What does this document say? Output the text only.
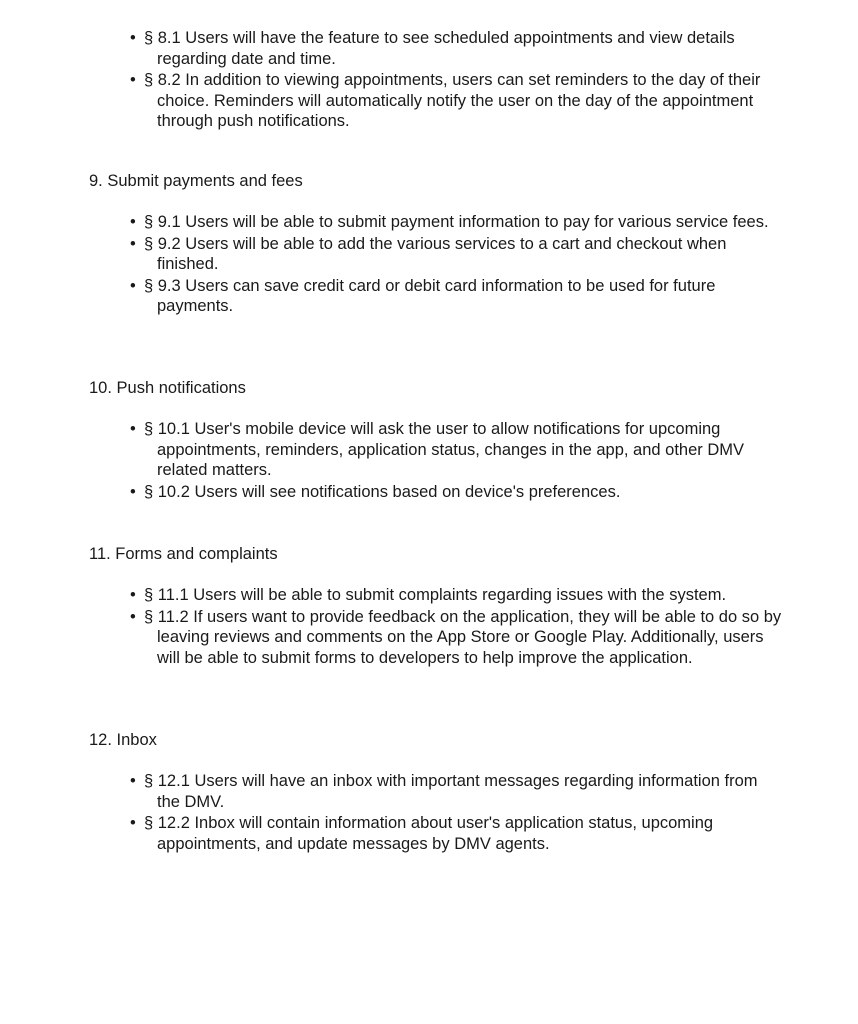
• § 8.1 Users will have the feature to see scheduled appointments and view details regarding date and time.
• § 8.2 In addition to viewing appointments, users can set reminders to the day of their choice. Reminders will automatically notify the user on the day of the appointment through push notifications.
9. Submit payments and fees
• § 9.1 Users will be able to submit payment information to pay for various service fees.
• § 9.2 Users will be able to add the various services to a cart and checkout when finished.
• § 9.3 Users can save credit card or debit card information to be used for future payments.
10. Push notifications
• § 10.1 User's mobile device will ask the user to allow notifications for upcoming appointments, reminders, application status, changes in the app, and other DMV related matters.
• § 10.2 Users will see notifications based on device's preferences.
11. Forms and complaints
• § 11.1 Users will be able to submit complaints regarding issues with the system.
• § 11.2 If users want to provide feedback on the application, they will be able to do so by leaving reviews and comments on the App Store or Google Play. Additionally, users will be able to submit forms to developers to help improve the application.
12. Inbox
• § 12.1 Users will have an inbox with important messages regarding information from the DMV.
• § 12.2 Inbox will contain information about user's application status, upcoming appointments, and update messages by DMV agents.
